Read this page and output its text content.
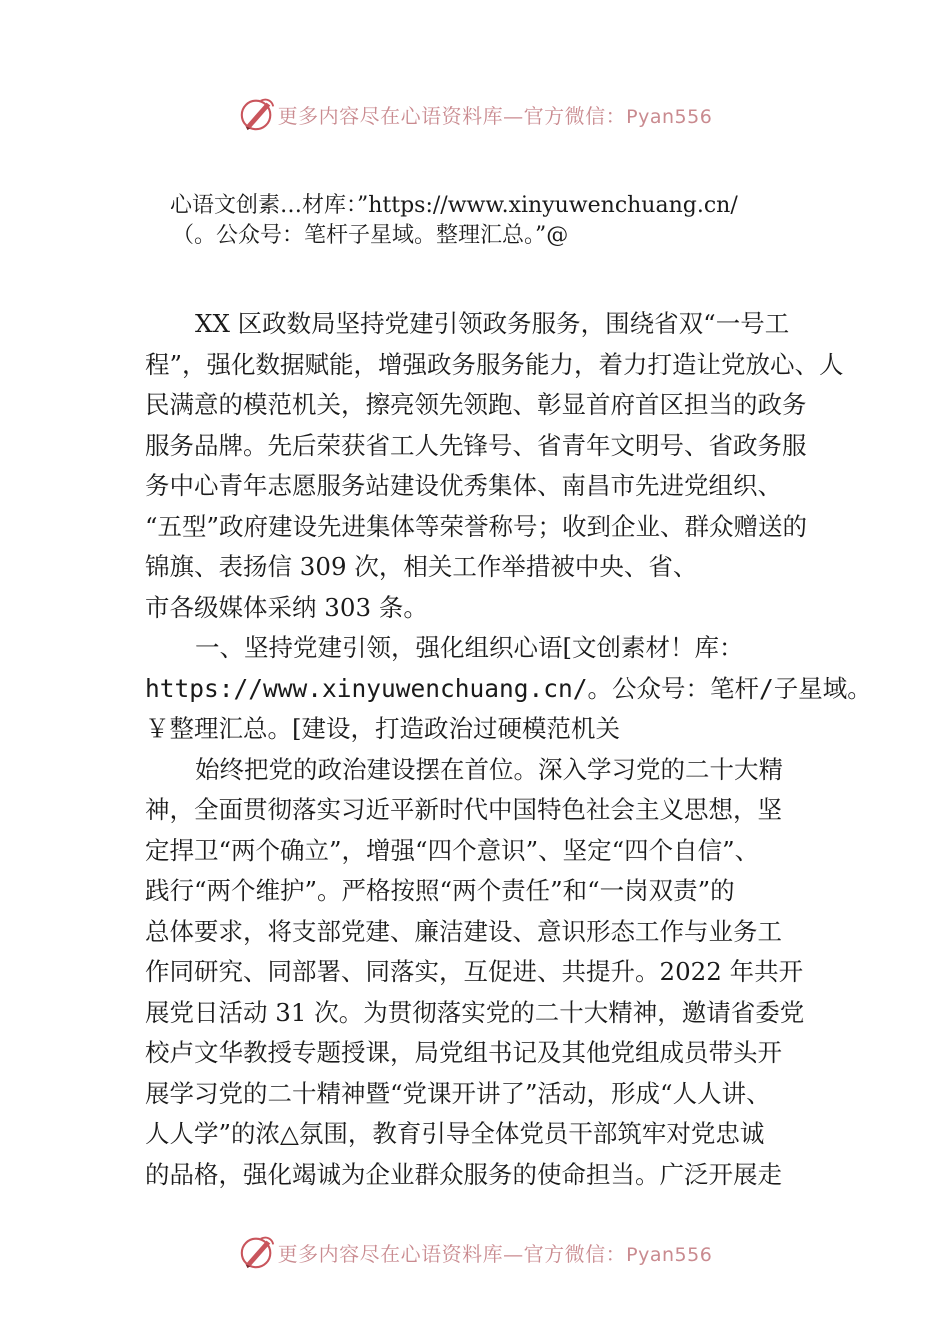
更多内容尽在心语资料库—官方微信：Pyan556
心语文创素…材库：”https://www.xinyuwenchuang.cn/
（。公众号：笔杆子星域。整理汇总。”@
XX 区政数局坚持党建引领政务服务，围绕省双“一号工
程”，强化数据赋能，增强政务服务能力，着力打造让党放心、人
民满意的模范机关，擦亮领先领跑、彰显首府首区担当的政务
服务品牌。先后荣获省工人先锋号、省青年文明号、省政务服
务中心青年志愿服务站建设优秀集体、南昌市先进党组织、
“五型”政府建设先进集体等荣誉称号；收到企业、群众赠送的
锦旗、表扬信 309 次，相关工作举措被中央、省、
市各级媒体采纳 303 条。
一、坚持党建引领，强化组织心语[文创素材！库：
https://www.xinyuwenchuang.cn/。公众号：笔杆/子星域。
￥整理汇总。[建设，打造政治过硬模范机关
始终把党的政治建设摆在首位。深入学习党的二十大精
神，全面贯彻落实习近平新时代中国特色社会主义思想，坚
定捍卫“两个确立”，增强“四个意识”、坚定“四个自信”、
践行“两个维护”。严格按照“两个责任”和“一岗双责”的
总体要求，将支部党建、廉洁建设、意识形态工作与业务工
作同研究、同部署、同落实，互促进、共提升。2022 年共开
展党日活动 31 次。为贯彻落实党的二十大精神，邀请省委党
校卢文华教授专题授课，局党组书记及其他党组成员带头开
展学习党的二十精神暨“党课开讲了”活动，形成“人人讲、
人人学”的浓△氛围，教育引导全体党员干部筑牢对党忠诚
的品格，强化竭诚为企业群众服务的使命担当。广泛开展走
更多内容尽在心语资料库—官方微信：Pyan556
